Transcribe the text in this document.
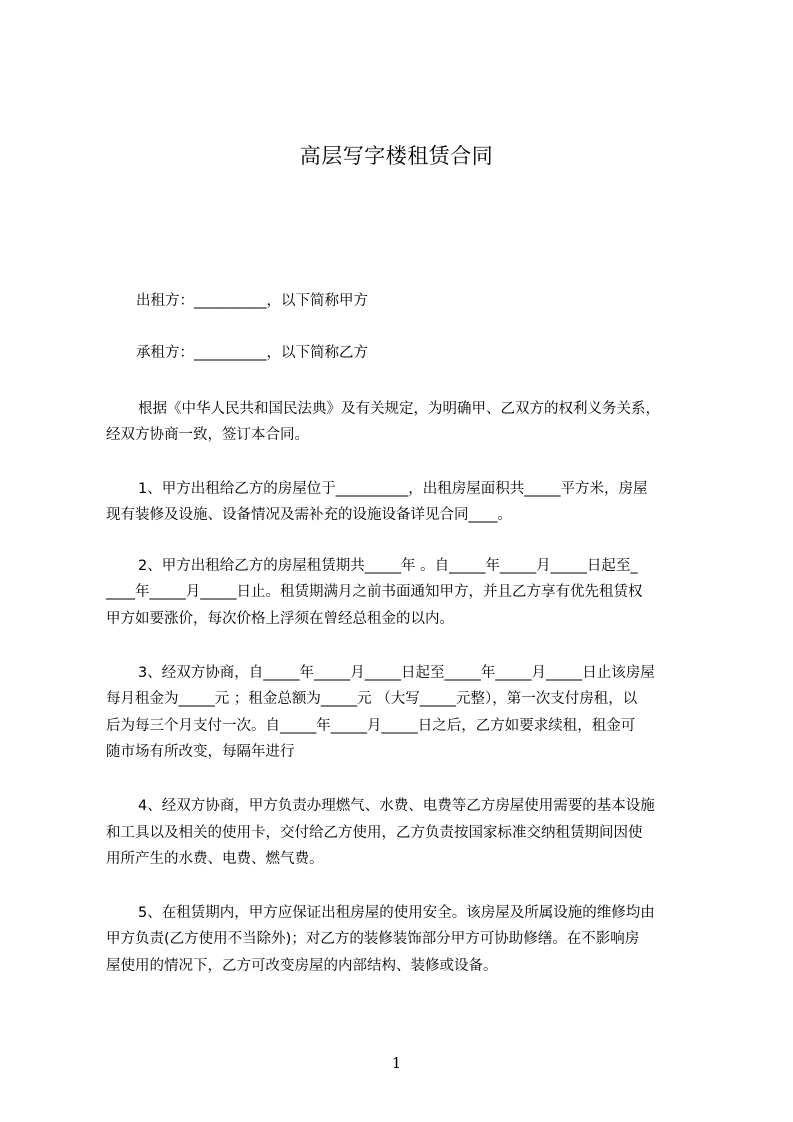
高层写字楼租赁合同
出租方：__________，以下简称甲方
承租方：__________，以下简称乙方
根据《中华人民共和国民法典》及有关规定，为明确甲、乙双方的权利义务关系，
经双方协商一致，签订本合同。
1、甲方出租给乙方的房屋位于__________，出租房屋面积共_____平方米，房屋
现有装修及设施、设备情况及需补充的设施设备详见合同____。
2、甲方出租给乙方的房屋租赁期共_____年 。自_____年_____月_____日起至_
____年_____月_____日止。租赁期满月之前书面通知甲方，并且乙方享有优先租赁权
甲方如要涨价，每次价格上浮须在曾经总租金的以内。
3、经双方协商，自_____年_____月_____日起至_____年_____月_____日止该房屋
每月租金为_____元 ；租金总额为_____元 （大写_____元整），第一次支付房租，以
后为每三个月支付一次。自_____年_____月_____日之后，乙方如要求续租，租金可
随市场有所改变，每隔年进行
4、经双方协商，甲方负责办理燃气、水费、电费等乙方房屋使用需要的基本设施
和工具以及相关的使用卡，交付给乙方使用，乙方负责按国家标准交纳租赁期间因使
用所产生的水费、电费、燃气费。
5、在租赁期内，甲方应保证出租房屋的使用安全。该房屋及所属设施的维修均由
甲方负责(乙方使用不当除外)；对乙方的装修装饰部分甲方可协助修缮。在不影响房
屋使用的情况下，乙方可改变房屋的内部结构、装修或设备。
1
